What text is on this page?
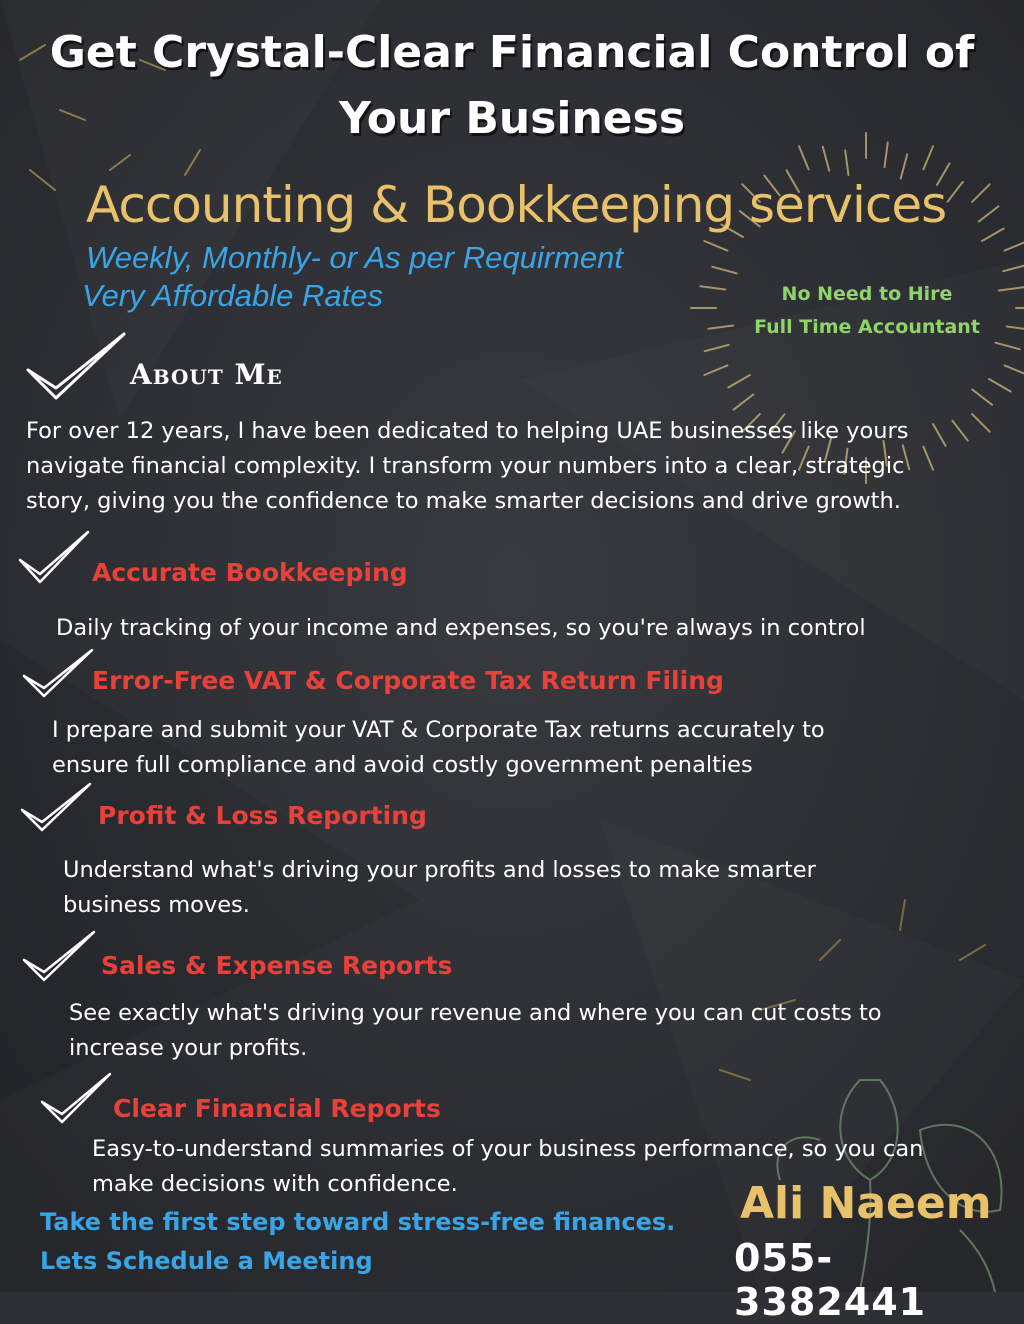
Get Crystal-Clear Financial Control of
Your Business
Accounting & Bookkeeping services
Weekly, Monthly- or As per Requirment
Very Affordable Rates	No Need to Hire
Full Time Accountant
About Me
For over 12 years, I have been dedicated to helping UAE businesses like yours
navigate financial complexity. I transform your numbers into a clear, strategic
story, giving you the confidence to make smarter decisions and drive growth.
Accurate Bookkeeping
Daily tracking of your income and expenses, so you're always in control
Error-Free VAT & Corporate Tax Return Filing
I prepare and submit your VAT & Corporate Tax returns accurately to
ensure full compliance and avoid costly government penalties
Profit & Loss Reporting
Understand what's driving your profits and losses to make smarter
business moves.
Sales & Expense Reports
See exactly what's driving your revenue and where you can cut costs to
increase your profits.
Clear Financial Reports
Easy-to-understand summaries of your business performance, so you can
make decisions with confidence.
Take the first step toward stress-free finances.
Lets Schedule a Meeting
Ali Naeem
055-3382441
